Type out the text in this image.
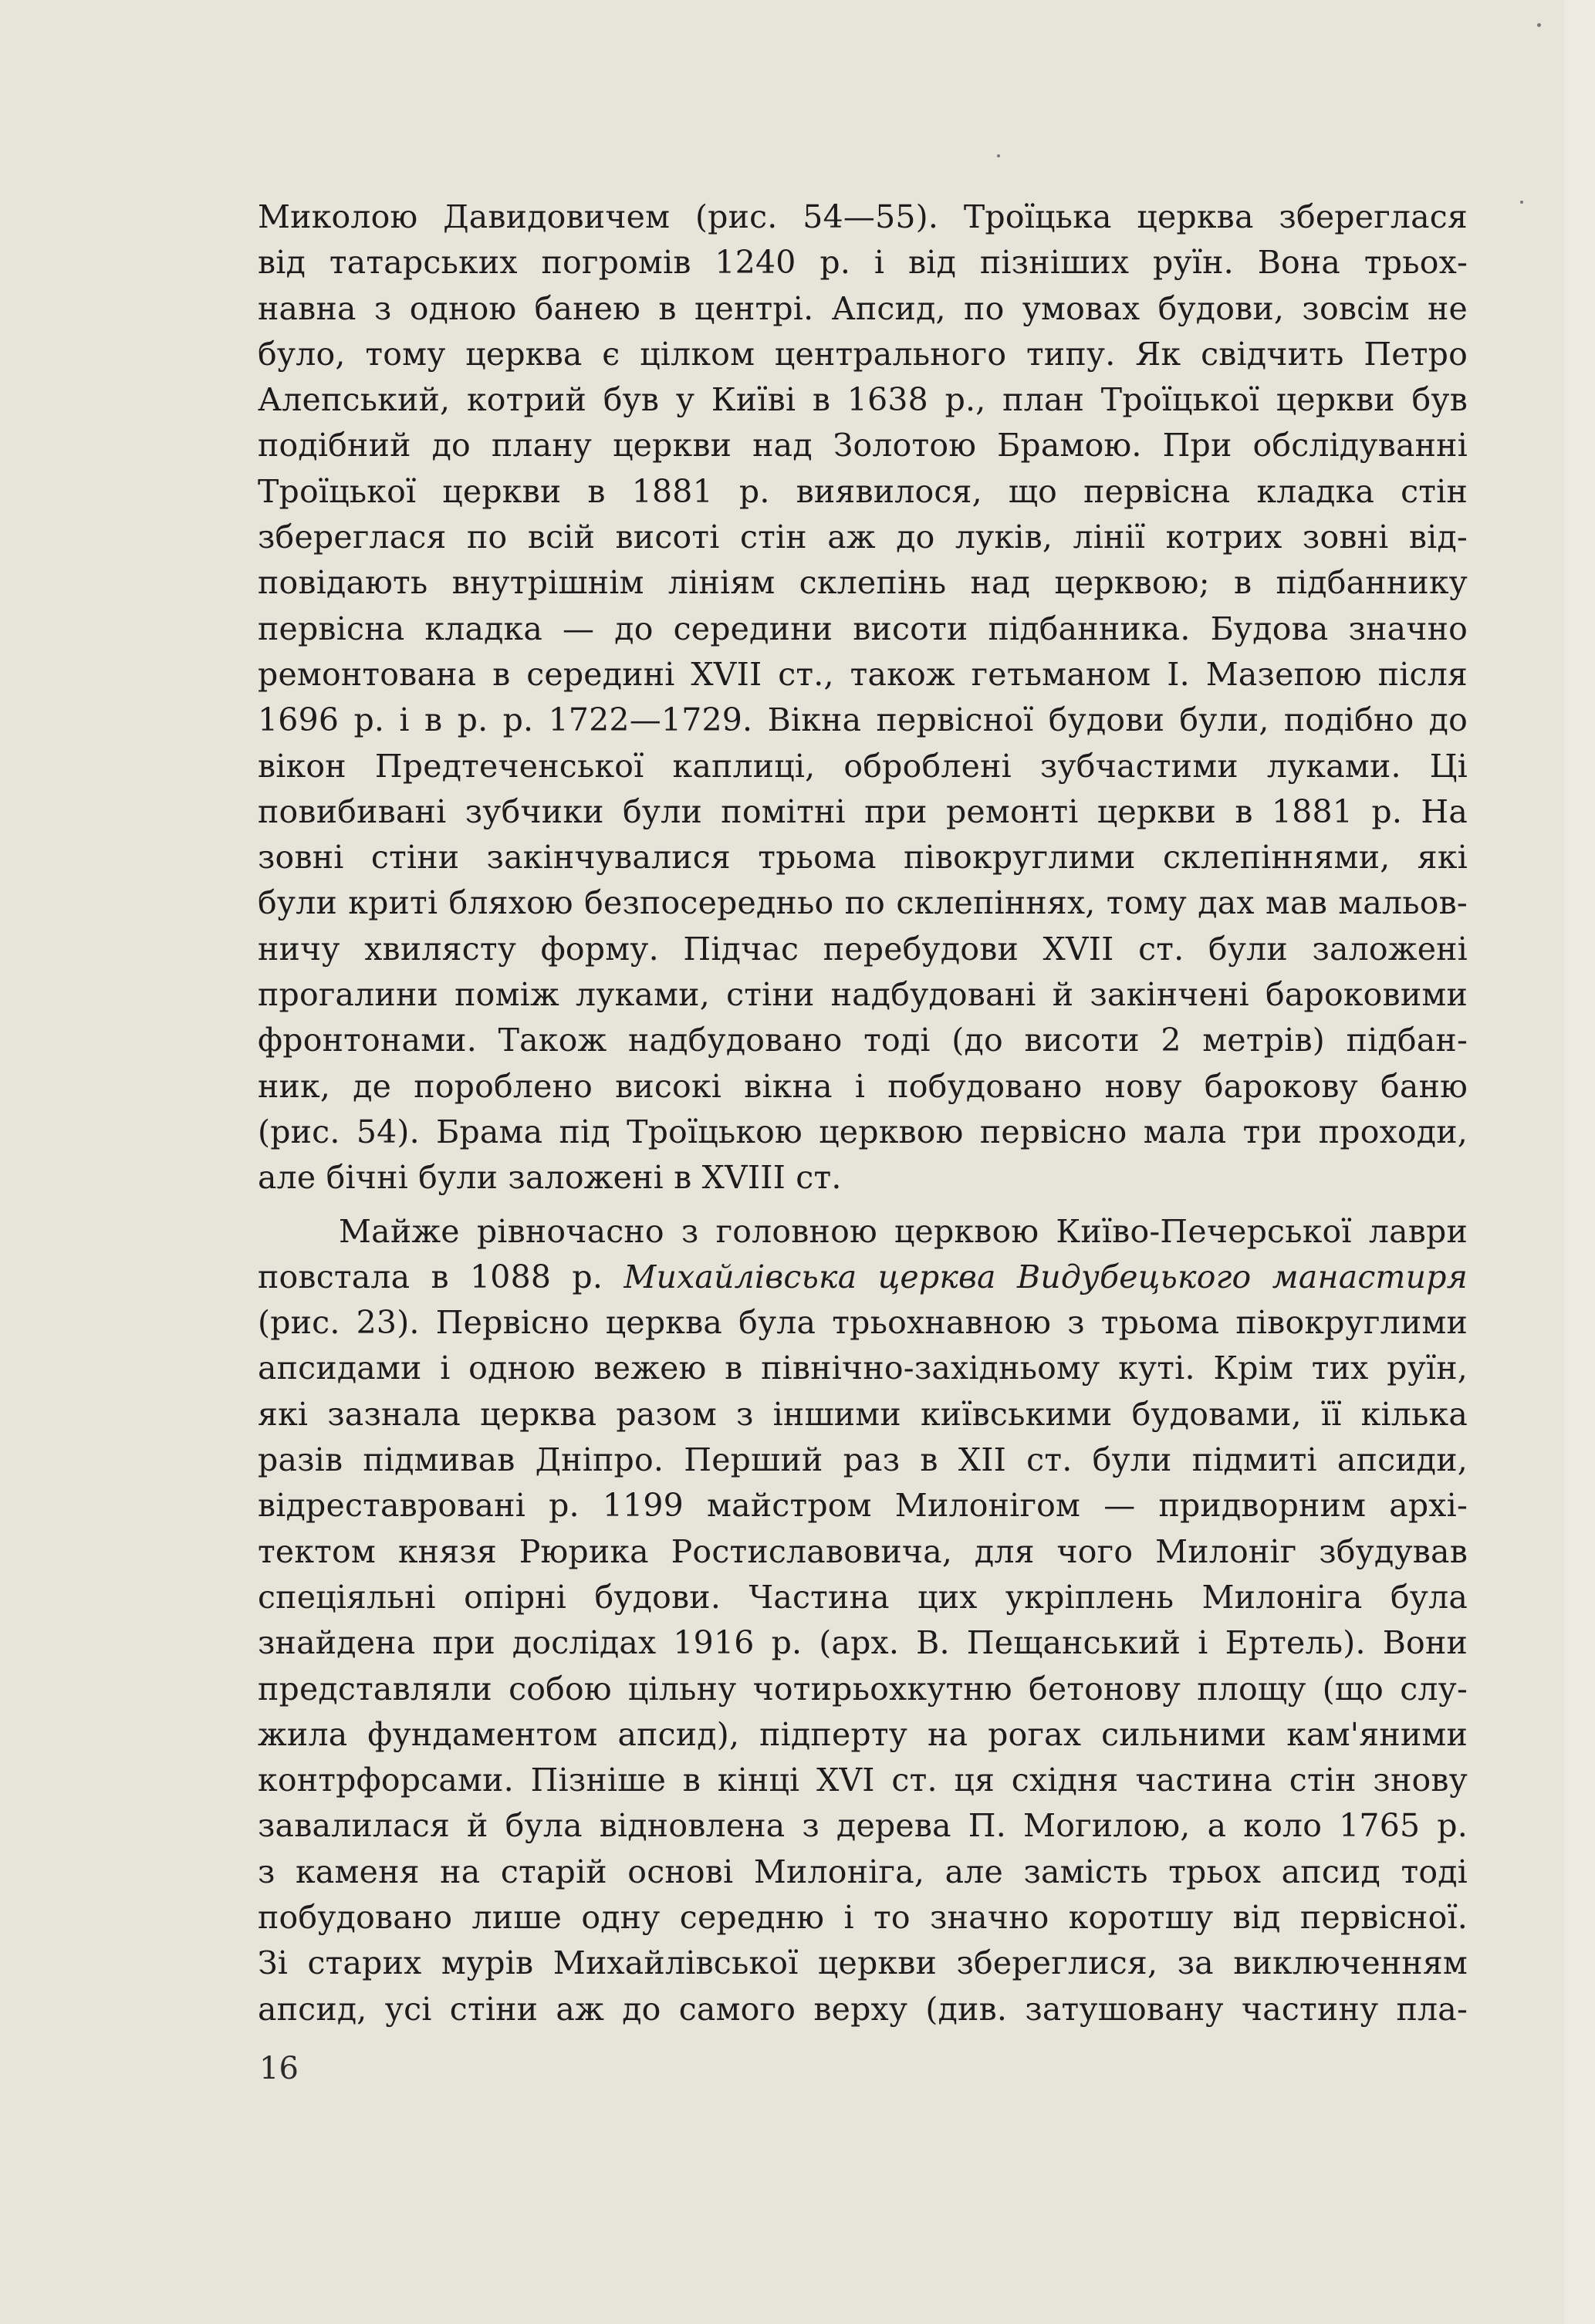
Миколою Давидовичем (рис. 54—55). Троїцька церква збереглася
від татарських погромів 1240 р. і від пізніших руїн. Вона трьох-
навна з одною банею в центрі. Апсид, по умовах будови, зовсім не
було, тому церква є цілком центрального типу. Як свідчить Петро
Алепський, котрий був у Київі в 1638 р., план Троїцької церкви був
подібний до плану церкви над Золотою Брамою. При обслідуванні
Троїцької церкви в 1881 р. виявилося, що первісна кладка стін
збереглася по всій висоті стін аж до луків, лінії котрих зовні від-
повідають внутрішнім лініям склепінь над церквою; в підбаннику
первісна кладка — до середини висоти підбанника. Будова значно
ремонтована в середині XVII ст., також гетьманом І. Мазепою після
1696 р. і в р. р. 1722—1729. Вікна первісної будови були, подібно до
вікон Предтеченської каплиці, оброблені зубчастими луками. Ці
повибивані зубчики були помітні при ремонті церкви в 1881 р. На
зовні стіни закінчувалися трьома півокруглими склепіннями, які
були криті бляхою безпосередньо по склепіннях, тому дах мав мальов-
ничу хвилясту форму. Підчас перебудови XVII ст. були заложені
прогалини поміж луками, стіни надбудовані й закінчені бароковими
фронтонами. Також надбудовано тоді (до висоти 2 метрів) підбан-
ник, де пороблено високі вікна і побудовано нову барокову баню
(рис. 54). Брама під Троїцькою церквою первісно мала три проходи,
але бічні були заложені в XVIII ст.
Майже рівночасно з головною церквою Київо-Печерської лаври
повстала в 1088 р. Михайлівська церква Видубецького манастиря
(рис. 23). Первісно церква була трьохнавною з трьома півокруглими
апсидами і одною вежею в північно-західньому куті. Крім тих руїн,
які зазнала церква разом з іншими київськими будовами, її кілька
разів підмивав Дніпро. Перший раз в XII ст. були підмиті апсиди,
відреставровані р. 1199 майстром Милонігом — придворним архі-
тектом князя Рюрика Ростиславовича, для чого Милоніг збудував
спеціяльні опірні будови. Частина цих укріплень Милоніга була
знайдена при дослідах 1916 р. (арх. В. Пещанський і Ертель). Вони
представляли собою цільну чотирьохкутню бетонову площу (що слу-
жила фундаментом апсид), підперту на рогах сильними кам'яними
контрфорсами. Пізніше в кінці XVI ст. ця східня частина стін знову
завалилася й була відновлена з дерева П. Могилою, а коло 1765 р.
з каменя на старій основі Милоніга, але замість трьох апсид тоді
побудовано лише одну середню і то значно коротшу від первісної.
Зі старих мурів Михайлівської церкви збереглися, за виключенням
апсид, усі стіни аж до самого верху (див. затушовану частину пла-
16
